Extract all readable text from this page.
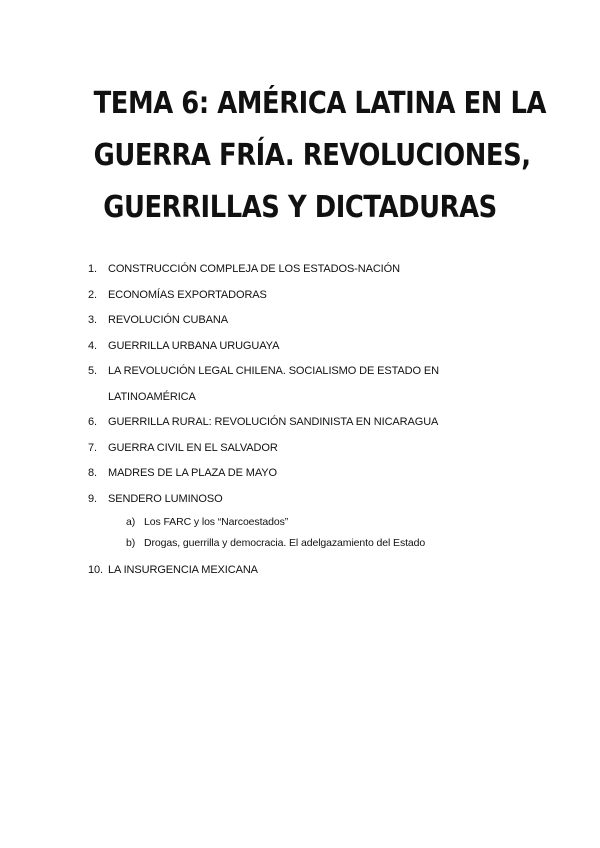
TEMA 6: AMÉRICA LATINA EN LA
GUERRA FRÍA. REVOLUCIONES,
GUERRILLAS Y DICTADURAS
1.	CONSTRUCCIÓN COMPLEJA DE LOS ESTADOS-NACIÓN
2.	ECONOMÍAS EXPORTADORAS
3.	REVOLUCIÓN CUBANA
4.	GUERRILLA URBANA URUGUAYA
5.	LA REVOLUCIÓN LEGAL CHILENA. SOCIALISMO DE ESTADO EN
LATINOAMÉRICA
6.	GUERRILLA RURAL: REVOLUCIÓN SANDINISTA EN NICARAGUA
7.	GUERRA CIVIL EN EL SALVADOR
8.	MADRES DE LA PLAZA DE MAYO
9.	SENDERO LUMINOSO
a) Los FARC y los “Narcoestados”
b) Drogas, guerrilla y democracia. El adelgazamiento del Estado
10. LA INSURGENCIA MEXICANA
